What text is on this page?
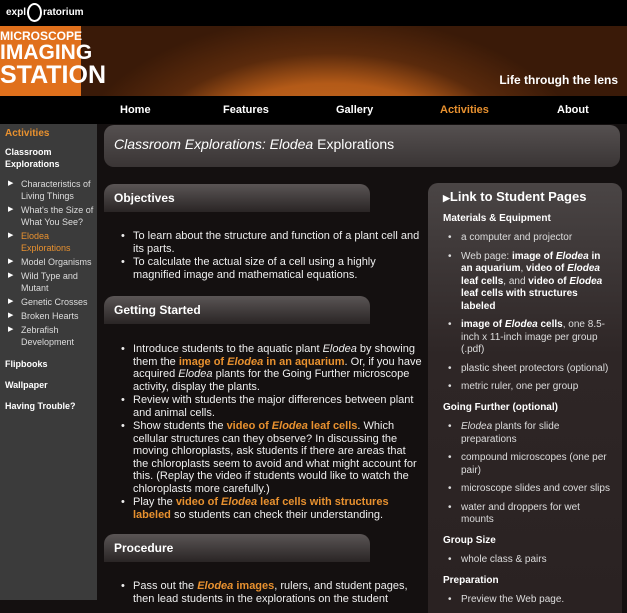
expl ratorium
MICROSCOPE
IMAGING
STATION	Life through the lens
Home	Features	Gallery	Activities	About
Activities
Classroom Explorations
▶ Characteristics of Living Things
▶ What's the Size of What You See?
▶ Elodea Explorations
▶ Model Organisms
▶ Wild Type and Mutant
▶ Genetic Crosses
▶ Broken Hearts
▶ Zebrafish Development
Flipbooks
Wallpaper
Having Trouble?
Classroom Explorations: Elodea Explorations
Objectives
• To learn about the structure and function of a plant cell and its parts.
• To calculate the actual size of a cell using a highly magnified image and mathematical equations.
Getting Started
• Introduce students to the aquatic plant Elodea by showing them the image of Elodea in an aquarium. Or, if you have acquired Elodea plants for the Going Further microscope activity, display the plants.
• Review with students the major differences between plant and animal cells.
• Show students the video of Elodea leaf cells. Which cellular structures can they observe? In discussing the moving chloroplasts, ask students if there are areas that the chloroplasts seem to avoid and what might account for this. (Replay the video if students would like to watch the chloroplasts more carefully.)
• Play the video of Elodea leaf cells with structures labeled so students can check their understanding.
Procedure
• Pass out the Elodea images, rulers, and student pages, then lead students in the explorations on the student
▶Link to Student Pages
Materials & Equipment
• a computer and projector
• Web page: image of Elodea in an aquarium, video of Elodea leaf cells, and video of Elodea leaf cells with structures labeled
• image of Elodea cells, one 8.5-inch x 11-inch image per group (.pdf)
• plastic sheet protectors (optional)
• metric ruler, one per group
Going Further (optional)
• Elodea plants for slide preparations
• compound microscopes (one per pair)
• microscope slides and cover slips
• water and droppers for wet mounts
Group Size
• whole class & pairs
Preparation
• Preview the Web page.
